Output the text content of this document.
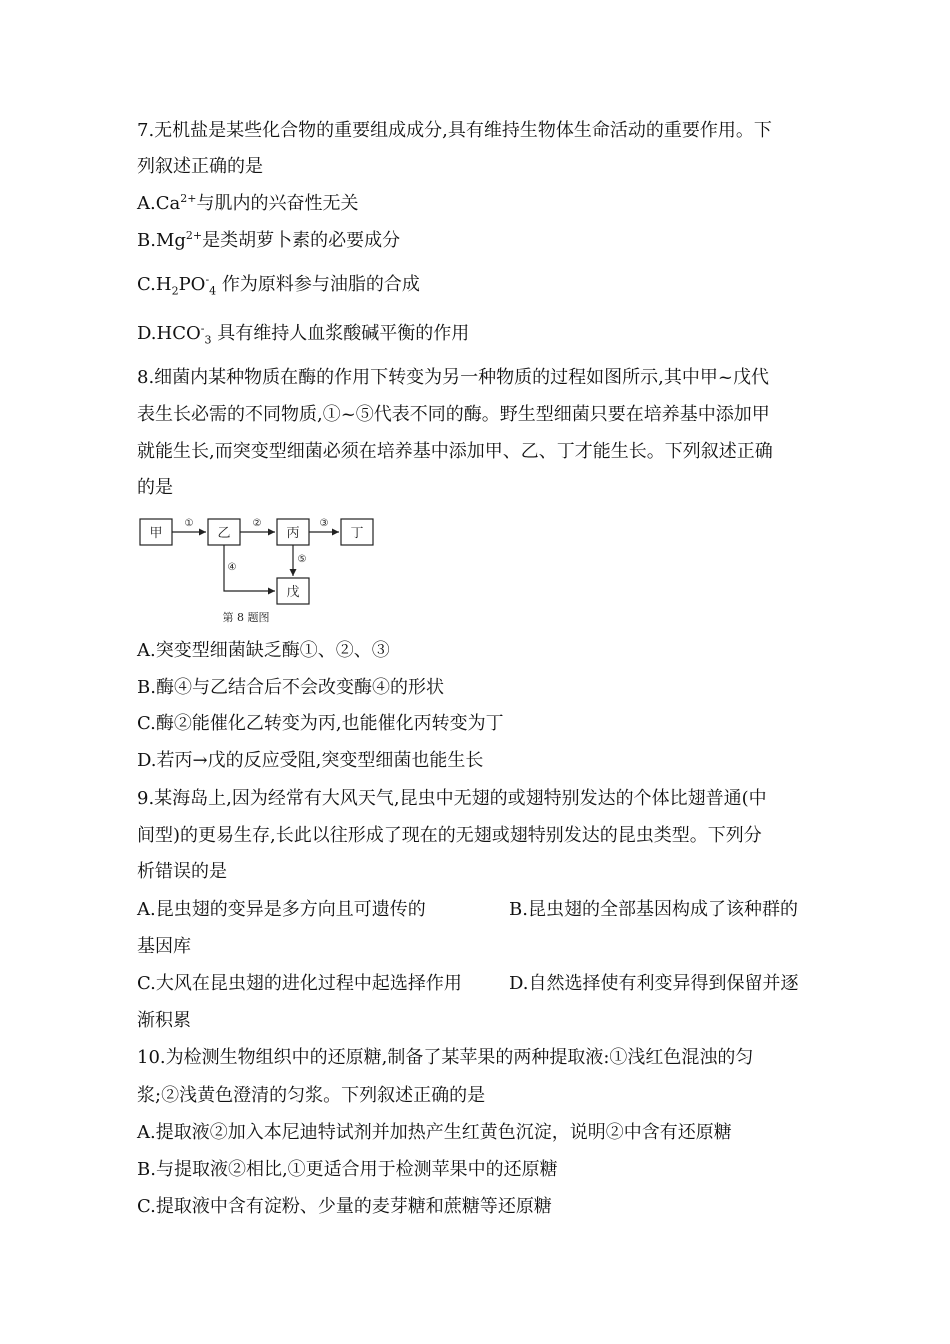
7.无机盐是某些化合物的重要组成成分,具有维持生物体生命活动的重要作用。下
列叙述正确的是
$A.Ca^{2+}$与肌内的兴奋性无关
$B.Mg^{2+}$是类胡萝卜素的必要成分
$C.H_2PO^-_4$ 作为原料参与油脂的合成
$D.HCO^-_3$ 具有维持人血浆酸碱平衡的作用
8.细菌内某种物质在酶的作用下转变为另一种物质的过程如图所示,其中甲~戊代
表生长必需的不同物质,①~⑤代表不同的酶。野生型细菌只要在培养基中添加甲
就能生长,而突变型细菌必须在培养基中添加甲、乙、丁才能生长。下列叙述正确
的是
甲	乙	丙	丁
戊
①	②	③
④
⑤
第 8 题图
A.突变型细菌缺乏酶①、②、③
B.酶④与乙结合后不会改变酶④的形状
C.酶②能催化乙转变为丙,也能催化丙转变为丁
D.若丙→戊的反应受阻,突变型细菌也能生长
9.某海岛上,因为经常有大风天气,昆虫中无翅的或翅特别发达的个体比翅普通(中
间型)的更易生存,长此以往形成了现在的无翅或翅特别发达的昆虫类型。下列分
析错误的是
A.昆虫翅的变异是多方向且可遗传的	B.昆虫翅的全部基因构成了该种群的
基因库
C.大风在昆虫翅的进化过程中起选择作用	D.自然选择使有利变异得到保留并逐
渐积累
10.为检测生物组织中的还原糖,制备了某苹果的两种提取液:①浅红色混浊的匀
浆;②浅黄色澄清的匀浆。下列叙述正确的是
A.提取液②加入本尼迪特试剂并加热产生红黄色沉淀，说明②中含有还原糖
B.与提取液②相比,①更适合用于检测苹果中的还原糖
C.提取液中含有淀粉、少量的麦芽糖和蔗糖等还原糖
